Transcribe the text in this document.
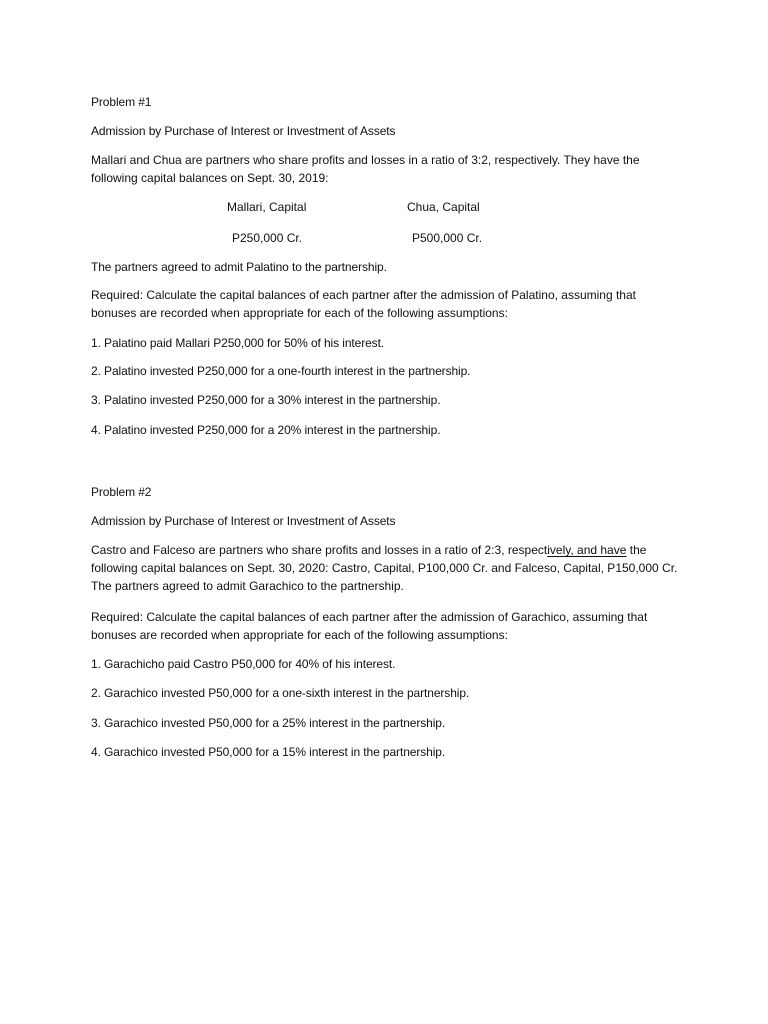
Problem #1
Admission by Purchase of Interest or Investment of Assets
Mallari and Chua are partners who share profits and losses in a ratio of 3:2, respectively. They have the following capital balances on Sept. 30, 2019:
Mallari, Capital	Chua, Capital
P250,000 Cr.	P500,000 Cr.
The partners agreed to admit Palatino to the partnership.
Required: Calculate the capital balances of each partner after the admission of Palatino, assuming that bonuses are recorded when appropriate for each of the following assumptions:
1. Palatino paid Mallari P250,000 for 50% of his interest.
2. Palatino invested P250,000 for a one-fourth interest in the partnership.
3. Palatino invested P250,000 for a 30% interest in the partnership.
4. Palatino invested P250,000 for a 20% interest in the partnership.
Problem #2
Admission by Purchase of Interest or Investment of Assets
Castro and Falceso are partners who share profits and losses in a ratio of 2:3, respectively, and have the following capital balances on Sept. 30, 2020: Castro, Capital, P100,000 Cr. and Falceso, Capital, P150,000 Cr. The partners agreed to admit Garachico to the partnership.
Required: Calculate the capital balances of each partner after the admission of Garachico, assuming that bonuses are recorded when appropriate for each of the following assumptions:
1. Garachicho paid Castro P50,000 for 40% of his interest.
2. Garachico invested P50,000 for a one-sixth interest in the partnership.
3. Garachico invested P50,000 for a 25% interest in the partnership.
4. Garachico invested P50,000 for a 15% interest in the partnership.
